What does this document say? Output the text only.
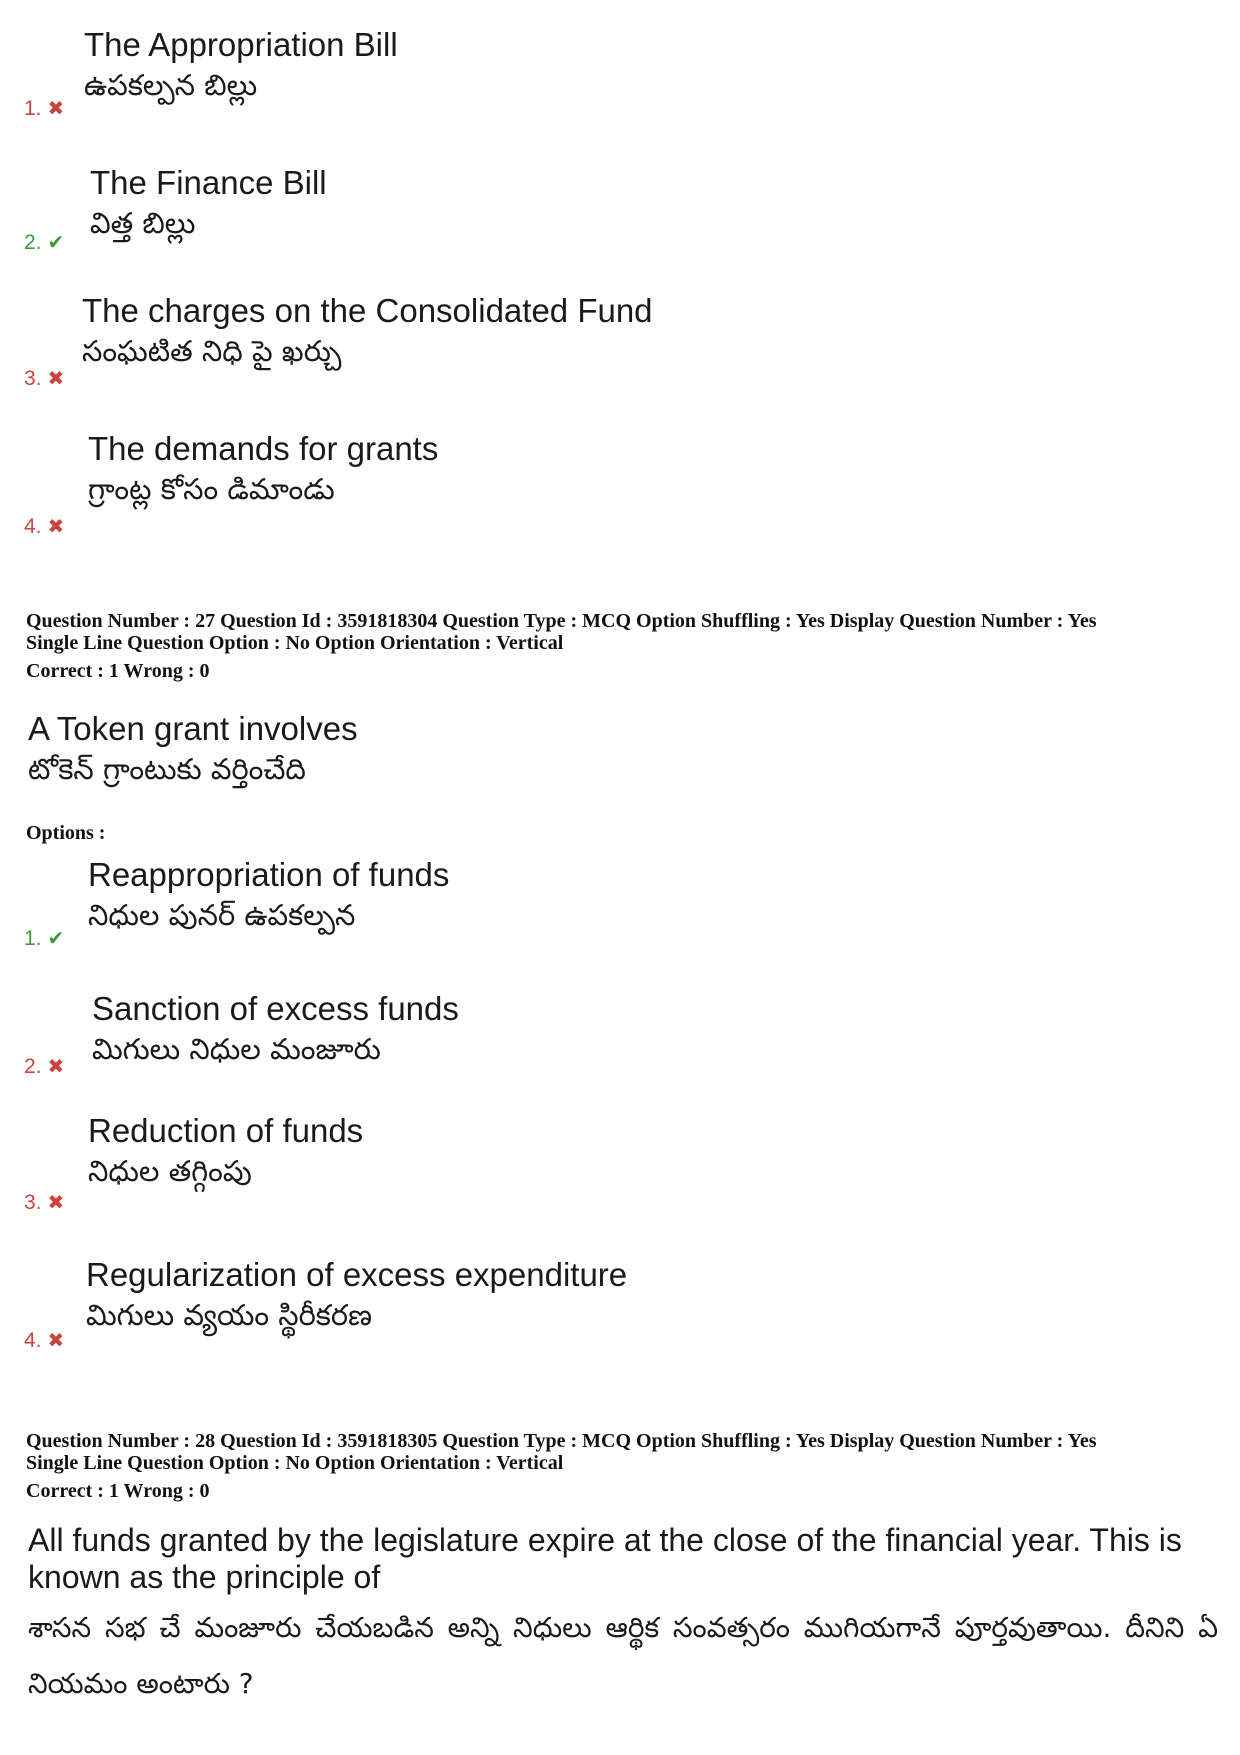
The Appropriation Bill
ఉపకల్పన బిల్లు
1. ✖
The Finance Bill
విత్త బిల్లు
2. ✔
The charges on the Consolidated Fund
సంఘటిత నిధి పై ఖర్చు
3. ✖
The demands for grants
గ్రాంట్ల కోసం డిమాండు
4. ✖
Question Number : 27 Question Id : 3591818304 Question Type : MCQ Option Shuffling : Yes Display Question Number : Yes
Single Line Question Option : No Option Orientation : Vertical
Correct : 1 Wrong : 0
A Token grant involves
టోకెన్ గ్రాంటుకు వర్తించేది
Options :
Reappropriation of funds
నిధుల పునర్ ఉపకల్పన
1. ✔
Sanction of excess funds
మిగులు నిధుల మంజూరు
2. ✖
Reduction of funds
నిధుల తగ్గింపు
3. ✖
Regularization of excess expenditure
మిగులు వ్యయం స్థిరీకరణ
4. ✖
Question Number : 28 Question Id : 3591818305 Question Type : MCQ Option Shuffling : Yes Display Question Number : Yes
Single Line Question Option : No Option Orientation : Vertical
Correct : 1 Wrong : 0
All funds granted by the legislature expire at the close of the financial year. This is known as the principle of
శాసన సభ చే మంజూరు చేయబడిన అన్ని నిధులు ఆర్థిక సంవత్సరం ముగియగానే పూర్తవుతాయి. దీనిని ఏ నియమం అంటారు ?
